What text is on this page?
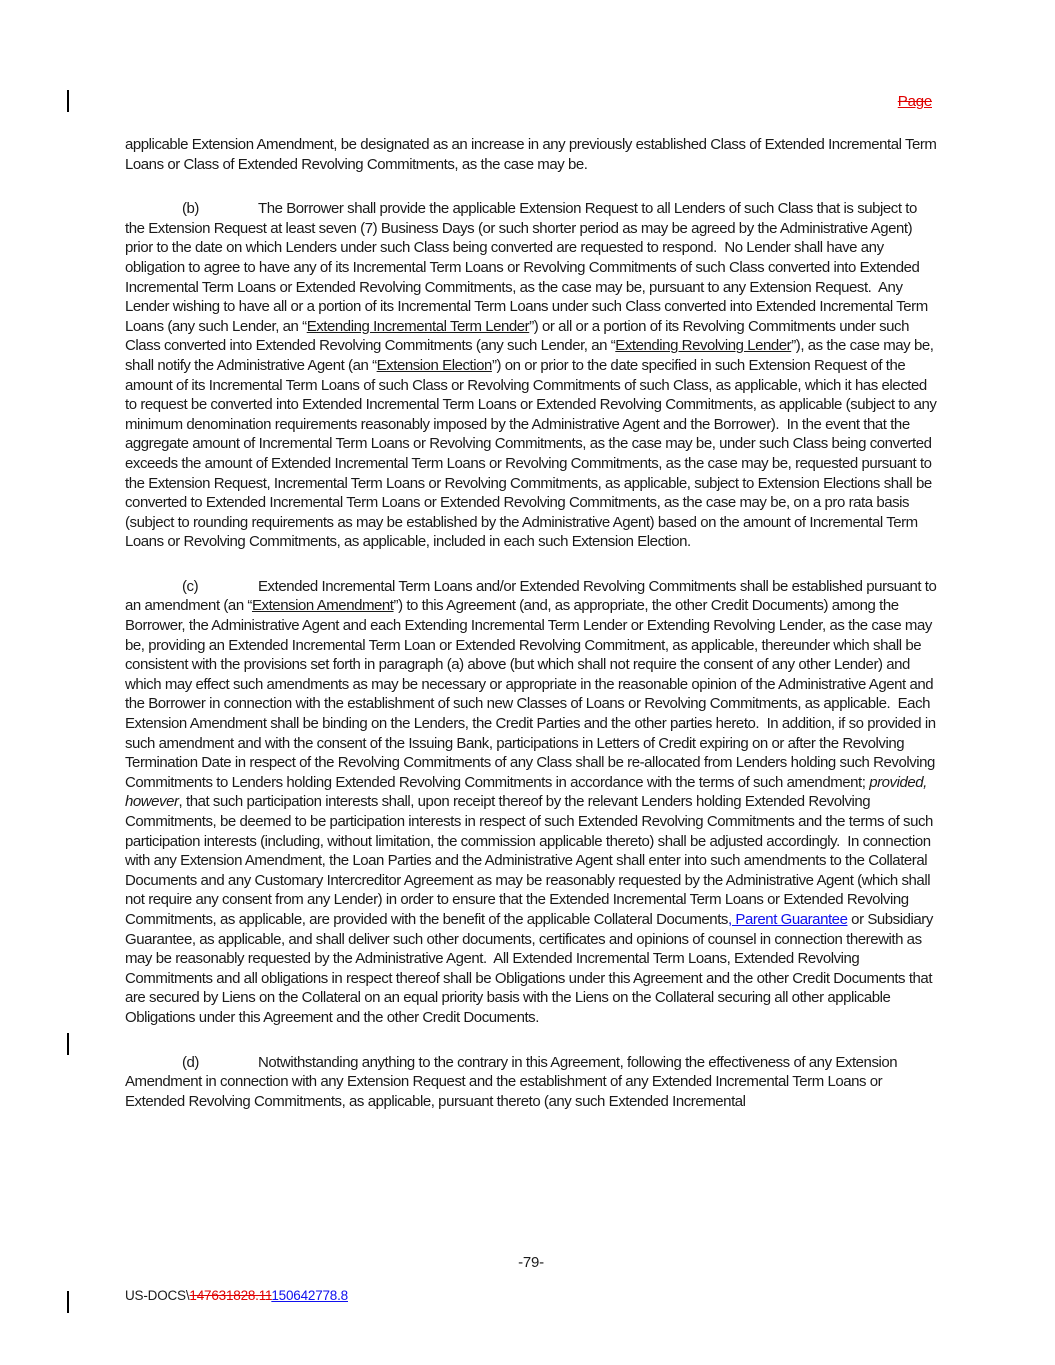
Page

applicable Extension Amendment, be designated as an increase in any previously established Class of Extended Incremental Term Loans or Class of Extended Revolving Commitments, as the case may be.

(b)	The Borrower shall provide the applicable Extension Request to all Lenders of such Class that is subject to the Extension Request at least seven (7) Business Days (or such shorter period as may be agreed by the Administrative Agent) prior to the date on which Lenders under such Class being converted are requested to respond.  No Lender shall have any obligation to agree to have any of its Incremental Term Loans or Revolving Commitments of such Class converted into Extended Incremental Term Loans or Extended Revolving Commitments, as the case may be, pursuant to any Extension Request.  Any Lender wishing to have all or a portion of its Incremental Term Loans under such Class converted into Extended Incremental Term Loans (any such Lender, an “Extending Incremental Term Lender”) or all or a portion of its Revolving Commitments under such Class converted into Extended Revolving Commitments (any such Lender, an “Extending Revolving Lender”), as the case may be, shall notify the Administrative Agent (an “Extension Election”) on or prior to the date specified in such Extension Request of the amount of its Incremental Term Loans of such Class or Revolving Commitments of such Class, as applicable, which it has elected to request be converted into Extended Incremental Term Loans or Extended Revolving Commitments, as applicable (subject to any minimum denomination requirements reasonably imposed by the Administrative Agent and the Borrower).  In the event that the aggregate amount of Incremental Term Loans or Revolving Commitments, as the case may be, under such Class being converted exceeds the amount of Extended Incremental Term Loans or Revolving Commitments, as the case may be, requested pursuant to the Extension Request, Incremental Term Loans or Revolving Commitments, as applicable, subject to Extension Elections shall be converted to Extended Incremental Term Loans or Extended Revolving Commitments, as the case may be, on a pro rata basis (subject to rounding requirements as may be established by the Administrative Agent) based on the amount of Incremental Term Loans or Revolving Commitments, as applicable, included in each such Extension Election.

(c)	Extended Incremental Term Loans and/or Extended Revolving Commitments shall be established pursuant to an amendment (an “Extension Amendment”) to this Agreement (and, as appropriate, the other Credit Documents) among the Borrower, the Administrative Agent and each Extending Incremental Term Lender or Extending Revolving Lender, as the case may be, providing an Extended Incremental Term Loan or Extended Revolving Commitment, as applicable, thereunder which shall be consistent with the provisions set forth in paragraph (a) above (but which shall not require the consent of any other Lender) and which may effect such amendments as may be necessary or appropriate in the reasonable opinion of the Administrative Agent and the Borrower in connection with the establishment of such new Classes of Loans or Revolving Commitments, as applicable.  Each Extension Amendment shall be binding on the Lenders, the Credit Parties and the other parties hereto.  In addition, if so provided in such amendment and with the consent of the Issuing Bank, participations in Letters of Credit expiring on or after the Revolving Termination Date in respect of the Revolving Commitments of any Class shall be re-allocated from Lenders holding such Revolving Commitments to Lenders holding Extended Revolving Commitments in accordance with the terms of such amendment; provided, however, that such participation interests shall, upon receipt thereof by the relevant Lenders holding Extended Revolving Commitments, be deemed to be participation interests in respect of such Extended Revolving Commitments and the terms of such participation interests (including, without limitation, the commission applicable thereto) shall be adjusted accordingly.  In connection with any Extension Amendment, the Loan Parties and the Administrative Agent shall enter into such amendments to the Collateral Documents and any Customary Intercreditor Agreement as may be reasonably requested by the Administrative Agent (which shall not require any consent from any Lender) in order to ensure that the Extended Incremental Term Loans or Extended Revolving Commitments, as applicable, are provided with the benefit of the applicable Collateral Documents, Parent Guarantee or Subsidiary Guarantee, as applicable, and shall deliver such other documents, certificates and opinions of counsel in connection therewith as may be reasonably requested by the Administrative Agent.  All Extended Incremental Term Loans, Extended Revolving Commitments and all obligations in respect thereof shall be Obligations under this Agreement and the other Credit Documents that are secured by Liens on the Collateral on an equal priority basis with the Liens on the Collateral securing all other applicable Obligations under this Agreement and the other Credit Documents.

(d)	Notwithstanding anything to the contrary in this Agreement, following the effectiveness of any Extension Amendment in connection with any Extension Request and the establishment of any Extended Incremental Term Loans or Extended Revolving Commitments, as applicable, pursuant thereto (any such Extended Incremental

-79-
US-DOCS\147631828.11150642778.8
